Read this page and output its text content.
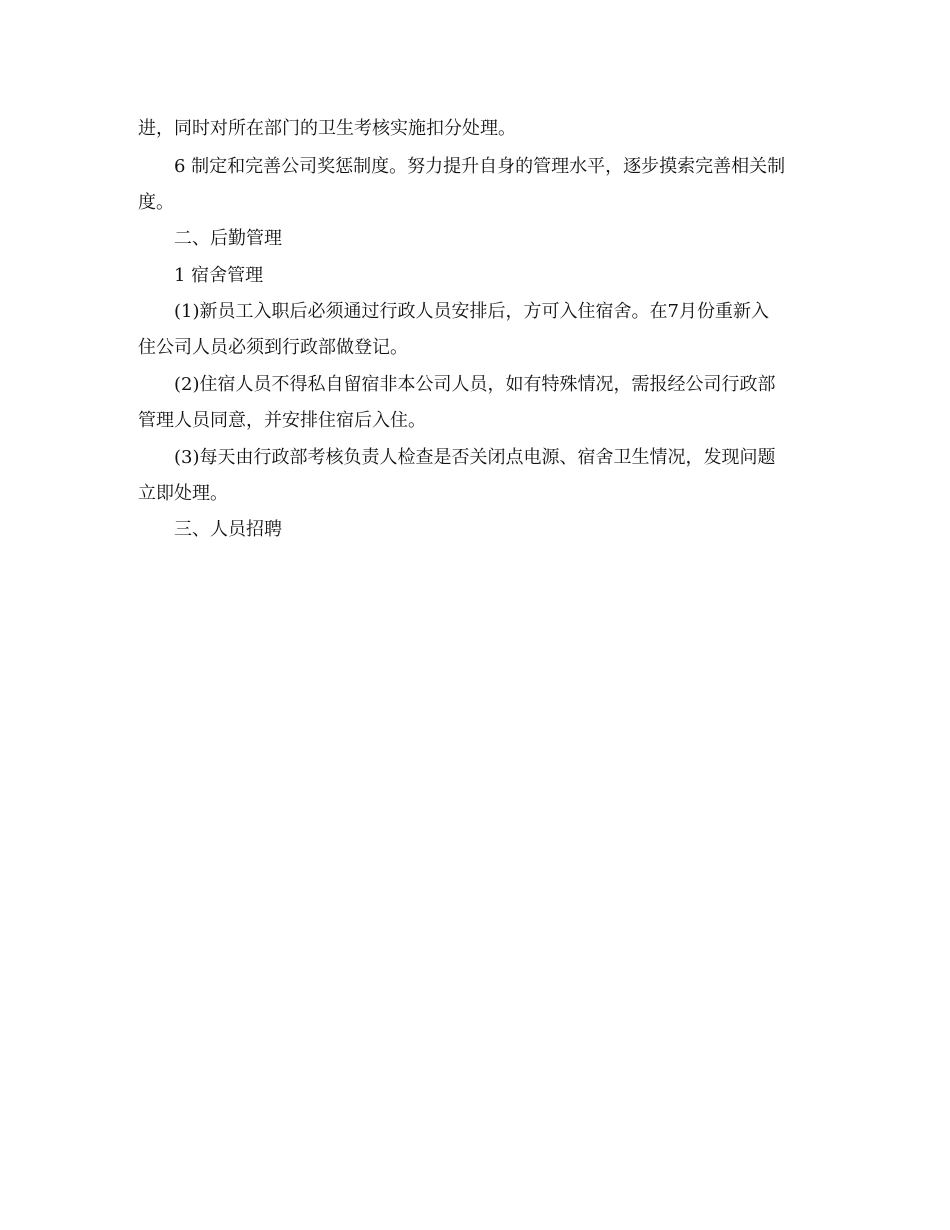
进，同时对所在部门的卫生考核实施扣分处理。
6 制定和完善公司奖惩制度。努力提升自身的管理水平，逐步摸索完善相关制
度。
二、后勤管理
1 宿舍管理
(1)新员工入职后必须通过行政人员安排后，方可入住宿舍。在7月份重新入
住公司人员必须到行政部做登记。
(2)住宿人员不得私自留宿非本公司人员，如有特殊情况，需报经公司行政部
管理人员同意，并安排住宿后入住。
(3)每天由行政部考核负责人检查是否关闭点电源、宿舍卫生情况，发现问题
立即处理。
三、人员招聘
